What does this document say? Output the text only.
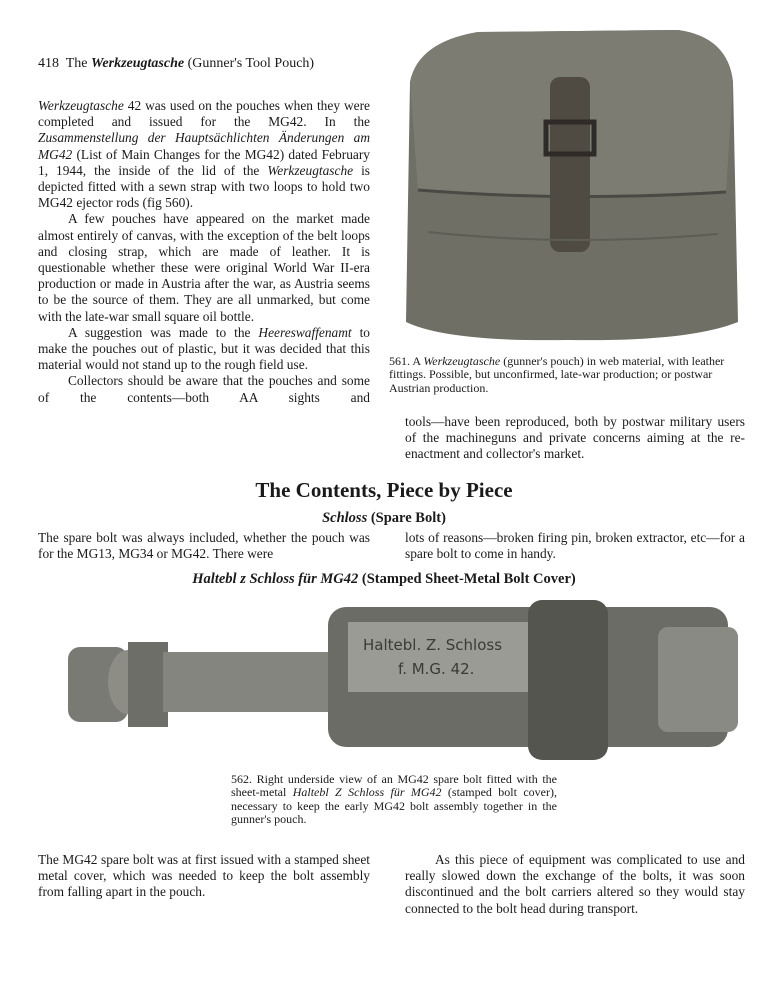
418 The Werkzeugtasche (Gunner's Tool Pouch)

Werkzeugtasche 42 was used on the pouches when they were completed and issued for the MG42. In the Zusammenstellung der Hauptsächlichten Änderungen am MG42 (List of Main Changes for the MG42) dated February 1, 1944, the inside of the lid of the Werkzeugtasche is depicted fitted with a sewn strap with two loops to hold two MG42 ejector rods (fig 560).

A few pouches have appeared on the market made almost entirely of canvas, with the exception of the belt loops and closing strap, which are made of leather. It is questionable whether these were original World War II-era production or made in Austria after the war, as Austria seems to be the source of them. They are all unmarked, but come with the late-war small square oil bottle.

A suggestion was made to the Heereswaffenamt to make the pouches out of plastic, but it was decided that this material would not stand up to the rough field use.

Collectors should be aware that the pouches and some of the contents—both AA sights and

561. A Werkzeugtasche (gunner's pouch) in web material, with leather fittings. Possible, but unconfirmed, late-war production; or postwar Austrian production.

tools—have been reproduced, both by postwar military users of the machineguns and private concerns aiming at the re-enactment and collector's market.

The Contents, Piece by Piece
Schloss (Spare Bolt)
The spare bolt was always included, whether the pouch was for the MG13, MG34 or MG42. There were
lots of reasons—broken firing pin, broken extractor, etc—for a spare bolt to come in handy.
Haltebl z Schloss für MG42 (Stamped Sheet-Metal Bolt Cover)
Haltebl. Z. Schloss
f. M.G. 42.
562. Right underside view of an MG42 spare bolt fitted with the sheet-metal Haltebl Z Schloss für MG42 (stamped bolt cover), necessary to keep the early MG42 bolt assembly together in the gunner's pouch.
The MG42 spare bolt was at first issued with a stamped sheet metal cover, which was needed to keep the bolt assembly from falling apart in the pouch.
As this piece of equipment was complicated to use and really slowed down the exchange of the bolts, it was soon discontinued and the bolt carriers altered so they would stay connected to the bolt head during transport.
